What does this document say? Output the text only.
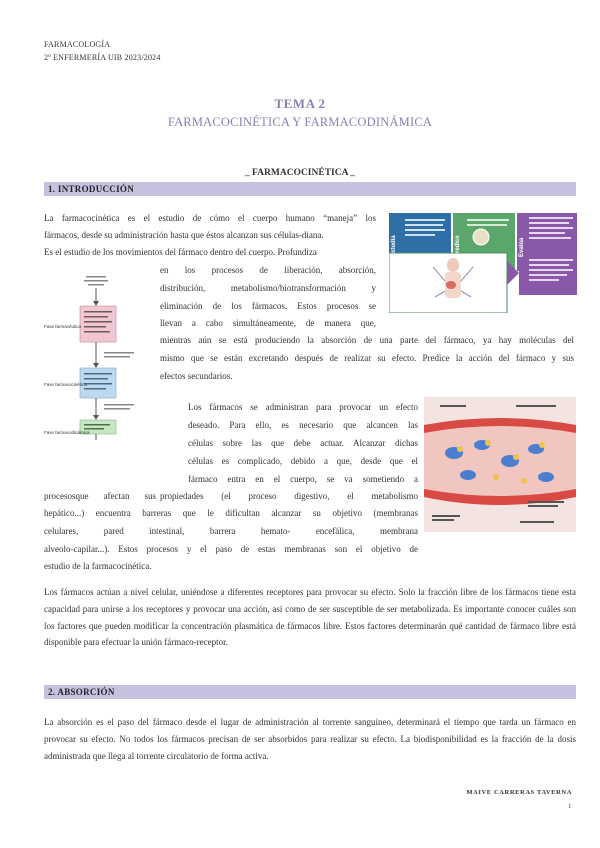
FARMACOLOGÍA
2º ENFERMERÍA UIB 2023/2024
TEMA 2
FARMACOCINÉTICA Y FARMACODINÁMICA
_ FARMACOCINÉTICA _
1. INTRODUCCIÓN
La farmacocinética es el estudio de cómo el cuerpo humano “maneja” los
fármacos, desde su administración hasta que éstos alcanzan sus células-diana.
Es el estudio de los movimientos del fármaco dentro del cuerpo. Profundiza
en los procesos de liberación, absorción,
distribución, metabolismo/biotransformación y
eliminación de los fármacos. Estos procesos se
llevan a cabo simultáneamente, de manera que,
mientras aún se está produciendo la absorción de una parte del fármaco, ya hay moléculas del
mismo que se están excretando después de realizar su efecto. Predice la acción del fármaco y sus
efectos secundarios.
Estudia	Predice	Evalúa
Fase farmacéutica
Fase farmacocinética
Fase farmacodinámica
Los fármacos se administran para provocar un efecto
deseado. Para ello, es necesario que alcancen las
células sobre las que debe actuar. Alcanzar dichas
células es complicado, debido a que, desde que el
fármaco entra en el cuerpo, se va sometiendo a
procesosque afectan sus propiedades (el proceso digestivo, el metabolismo
hepático...) encuentra barreras que le dificultan alcanzar su objetivo (membranas
celulares, pared intestinal, barrera hemato- encefálica, membrana
alveolo-capilar...). Estos procesos y el paso de estas membranas son el objetivo de
estudio de la farmacocinética.
Los fármacos actúan a nivel celular, uniéndose a diferentes receptores para provocar su efecto. Solo la fracción libre de los fármacos tiene esta capacidad para unirse a los receptores y provocar una acción, así como de ser susceptible de ser metabolizada. Es importante conocer cuáles son los factores que pueden modificar la concentración plasmática de fármacos libre. Estos factores determinarán qué cantidad de fármaco libre está disponible para efectuar la unión fármaco-receptor.
2. ABSORCIÓN
La absorción es el paso del fármaco desde el lugar de administración al torrente sanguíneo, determinará el tiempo que tarda un fármaco en provocar su efecto. No todos los fármacos precisan de ser absorbidos para realizar su efecto. La biodisponibilidad es la fracción de la dosis administrada que llega al torrente circulatorio de forma activa.
MAIVE CARRERAS TAVERNA
1
